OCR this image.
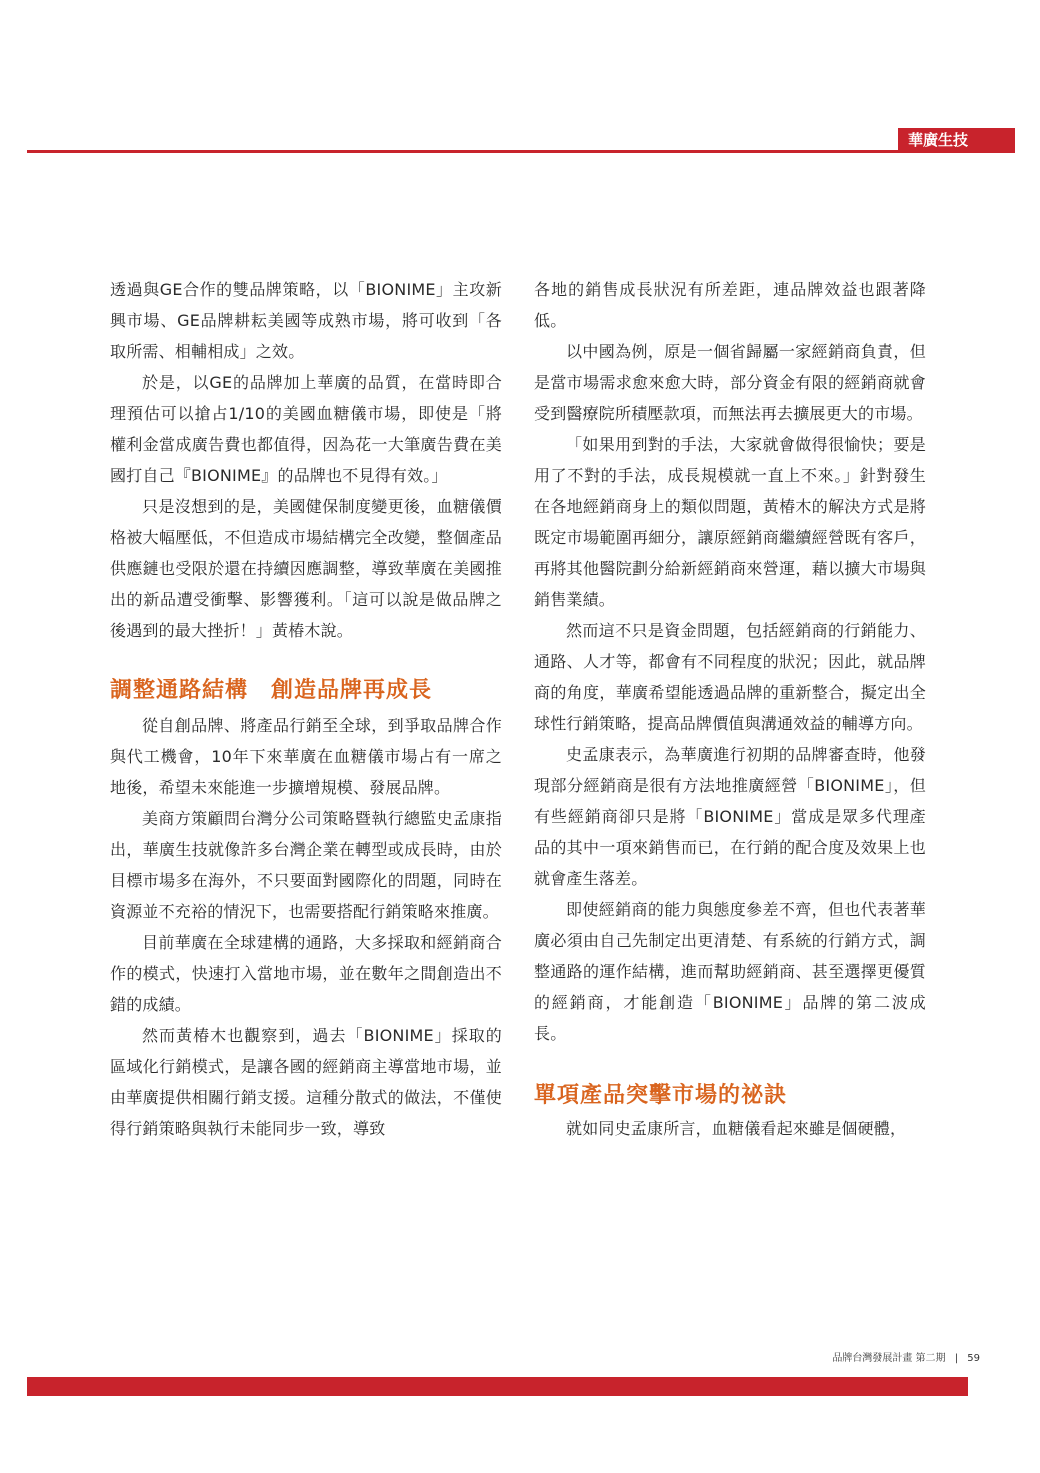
華廣生技

透過與GE合作的雙品牌策略，以「BIONIME」主攻新興市場、GE品牌耕耘美國等成熟市場，將可收到「各取所需、相輔相成」之效。

於是，以GE的品牌加上華廣的品質，在當時即合理預估可以搶占1/10的美國血糖儀市場，即使是「將權利金當成廣告費也都值得，因為花一大筆廣告費在美國打自己『BIONIME』的品牌也不見得有效。」

只是沒想到的是，美國健保制度變更後，血糖儀價格被大幅壓低，不但造成市場結構完全改變，整個產品供應鏈也受限於還在持續因應調整，導致華廣在美國推出的新品遭受衝擊、影響獲利。「這可以說是做品牌之後遇到的最大挫折！」黃椿木說。

調整通路結構　創造品牌再成長

從自創品牌、將產品行銷至全球，到爭取品牌合作與代工機會，10年下來華廣在血糖儀市場占有一席之地後，希望未來能進一步擴增規模、發展品牌。

美商方策顧問台灣分公司策略暨執行總監史孟康指出，華廣生技就像許多台灣企業在轉型或成長時，由於目標市場多在海外，不只要面對國際化的問題，同時在資源並不充裕的情況下，也需要搭配行銷策略來推廣。

目前華廣在全球建構的通路，大多採取和經銷商合作的模式，快速打入當地市場，並在數年之間創造出不錯的成績。

然而黃椿木也觀察到，過去「BIONIME」採取的區域化行銷模式，是讓各國的經銷商主導當地市場，並由華廣提供相關行銷支援。這種分散式的做法，不僅使得行銷策略與執行未能同步一致，導致

各地的銷售成長狀況有所差距，連品牌效益也跟著降低。

以中國為例，原是一個省歸屬一家經銷商負責，但是當市場需求愈來愈大時，部分資金有限的經銷商就會受到醫療院所積壓款項，而無法再去擴展更大的市場。

「如果用到對的手法，大家就會做得很愉快；要是用了不對的手法，成長規模就一直上不來。」針對發生在各地經銷商身上的類似問題，黃椿木的解決方式是將既定市場範圍再細分，讓原經銷商繼續經營既有客戶，再將其他醫院劃分給新經銷商來營運，藉以擴大市場與銷售業績。

然而這不只是資金問題，包括經銷商的行銷能力、通路、人才等，都會有不同程度的狀況；因此，就品牌商的角度，華廣希望能透過品牌的重新整合，擬定出全球性行銷策略，提高品牌價值與溝通效益的輔導方向。

史孟康表示，為華廣進行初期的品牌審查時，他發現部分經銷商是很有方法地推廣經營「BIONIME」，但有些經銷商卻只是將「BIONIME」當成是眾多代理產品的其中一項來銷售而已，在行銷的配合度及效果上也就會產生落差。

即使經銷商的能力與態度參差不齊，但也代表著華廣必須由自己先制定出更清楚、有系統的行銷方式，調整通路的運作結構，進而幫助經銷商、甚至選擇更優質的經銷商，才能創造「BIONIME」品牌的第二波成長。

單項產品突擊市場的祕訣

就如同史孟康所言，血糖儀看起來雖是個硬體，

品牌台灣發展計畫 第二期 | 59
